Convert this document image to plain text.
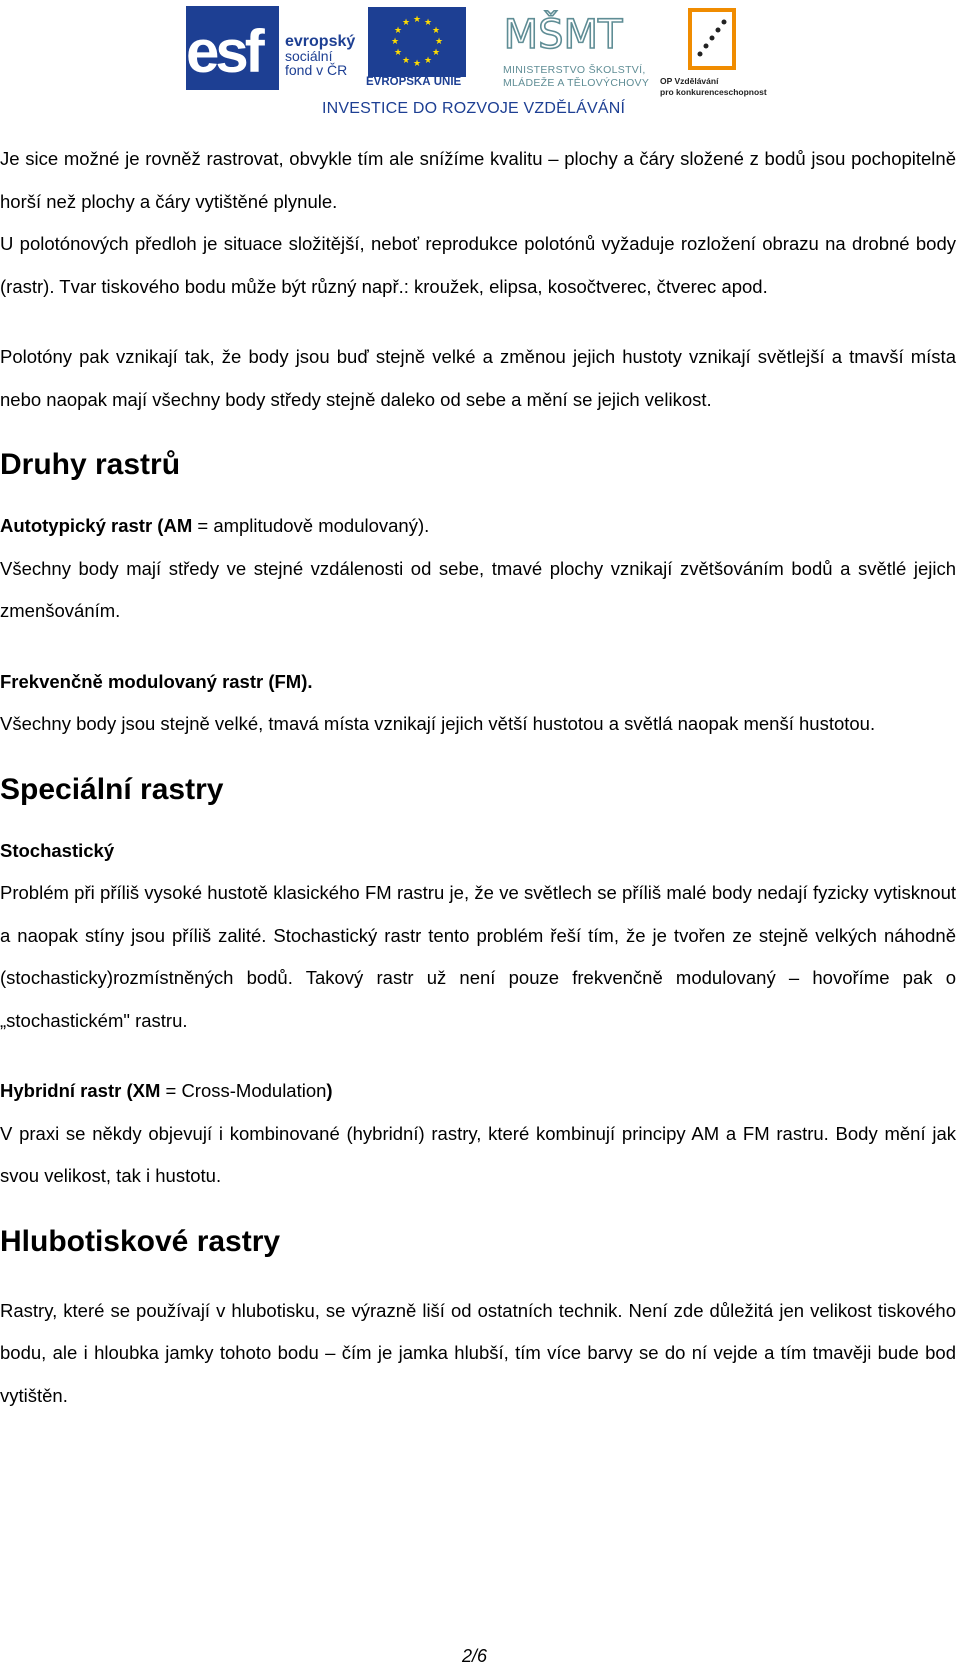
esf evropský
sociální
fond v ČR
★ ★
★
★
★
★
★
★
★
★
★
★
EVROPSKÁ UNIE
MŠMT
MINISTERSTVO ŠKOLSTVÍ,
MLÁDEŽE A TĚLOVÝCHOVY OP Vzdělávání
pro konkurenceschopnost
INVESTICE DO ROZVOJE VZDĚLÁVÁNÍ

Je sice možné je rovněž rastrovat, obvykle tím ale snížíme kvalitu – plochy a čáry složené z bodů jsou pochopitelně horší než plochy a čáry vytištěné plynule.

U polotónových předloh je situace složitější, neboť reprodukce polotónů vyžaduje rozložení obrazu na drobné body (rastr). Tvar tiskového bodu může být různý např.: kroužek, elipsa, kosočtverec, čtverec apod.

Polotóny pak vznikají tak, že body jsou buď stejně velké a změnou jejich hustoty vznikají světlejší a tmavší místa nebo naopak mají všechny body středy stejně daleko od sebe a mění se jejich velikost.

Druhy rastrů
Autotypický rastr (AM = amplitudově modulovaný).

Všechny body mají středy ve stejné vzdálenosti od sebe, tmavé plochy vznikají zvětšováním bodů a světlé jejich zmenšováním.

Frekvenčně modulovaný rastr (FM).

Všechny body jsou stejně velké, tmavá místa vznikají jejich větší hustotou a světlá naopak menší hustotou.

Speciální rastry
Stochastický

Problém při příliš vysoké hustotě klasického FM rastru je, že ve světlech se příliš malé body nedají fyzicky vytisknout a naopak stíny jsou příliš zalité. Stochastický rastr tento problém řeší tím, že je tvořen ze stejně velkých náhodně (stochasticky)rozmístněných bodů. Takový rastr už není pouze frekvenčně modulovaný – hovoříme pak o „stochastickém" rastru.

Hybridní rastr (XM = Cross-Modulation)

V praxi se někdy objevují i kombinované (hybridní) rastry, které kombinují principy AM a FM rastru. Body mění jak svou velikost, tak i hustotu.

Hlubotiskové rastry

Rastry, které se používají v hlubotisku, se výrazně liší od ostatních technik. Není zde důležitá jen velikost tiskového bodu, ale i hloubka jamky tohoto bodu – čím je jamka hlubší, tím více barvy se do ní vejde a tím tmavěji bude bod vytištěn.

2/6
